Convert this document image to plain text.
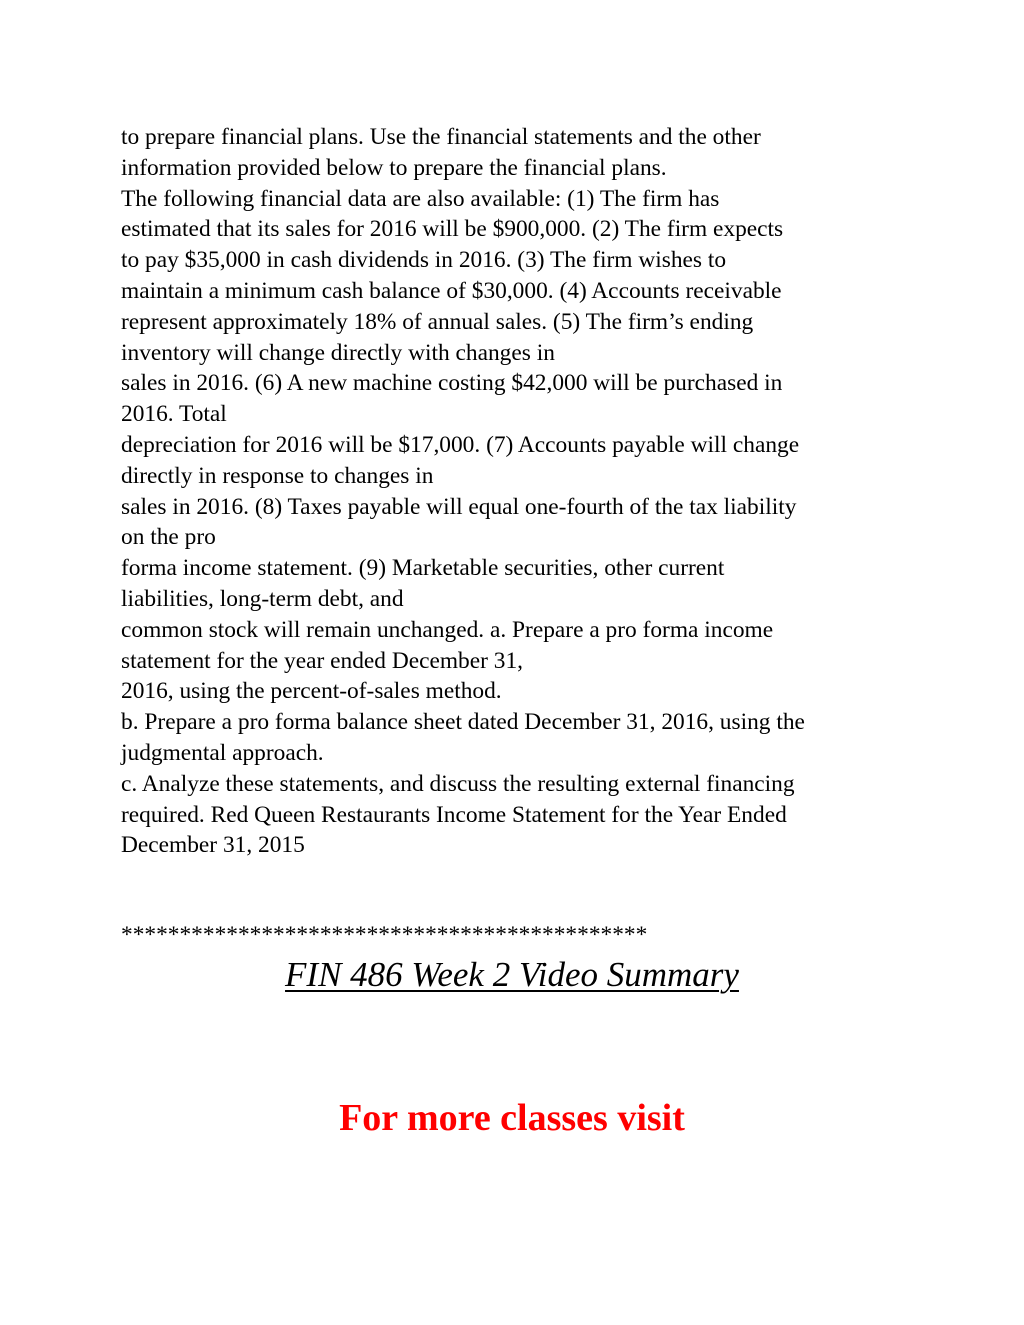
to prepare financial plans. Use the financial statements and the other
information provided below to prepare the financial plans.
The following financial data are also available: (1) The firm has
estimated that its sales for 2016 will be $900,000. (2) The firm expects
to pay $35,000 in cash dividends in 2016. (3) The firm wishes to
maintain a minimum cash balance of $30,000. (4) Accounts receivable
represent approximately 18% of annual sales. (5) The firm’s ending
inventory will change directly with changes in
sales in 2016. (6) A new machine costing $42,000 will be purchased in
2016. Total
depreciation for 2016 will be $17,000. (7) Accounts payable will change
directly in response to changes in
sales in 2016. (8) Taxes payable will equal one-fourth of the tax liability
on the pro
forma income statement. (9) Marketable securities, other current
liabilities, long-term debt, and
common stock will remain unchanged. a. Prepare a pro forma income
statement for the year ended December 31,
2016, using the percent-of-sales method.
b. Prepare a pro forma balance sheet dated December 31, 2016, using the
judgmental approach.
c. Analyze these statements, and discuss the resulting external financing
required. Red Queen Restaurants Income Statement for the Year Ended
December 31, 2015
*********************************************
FIN 486 Week 2 Video Summary
For more classes visit
